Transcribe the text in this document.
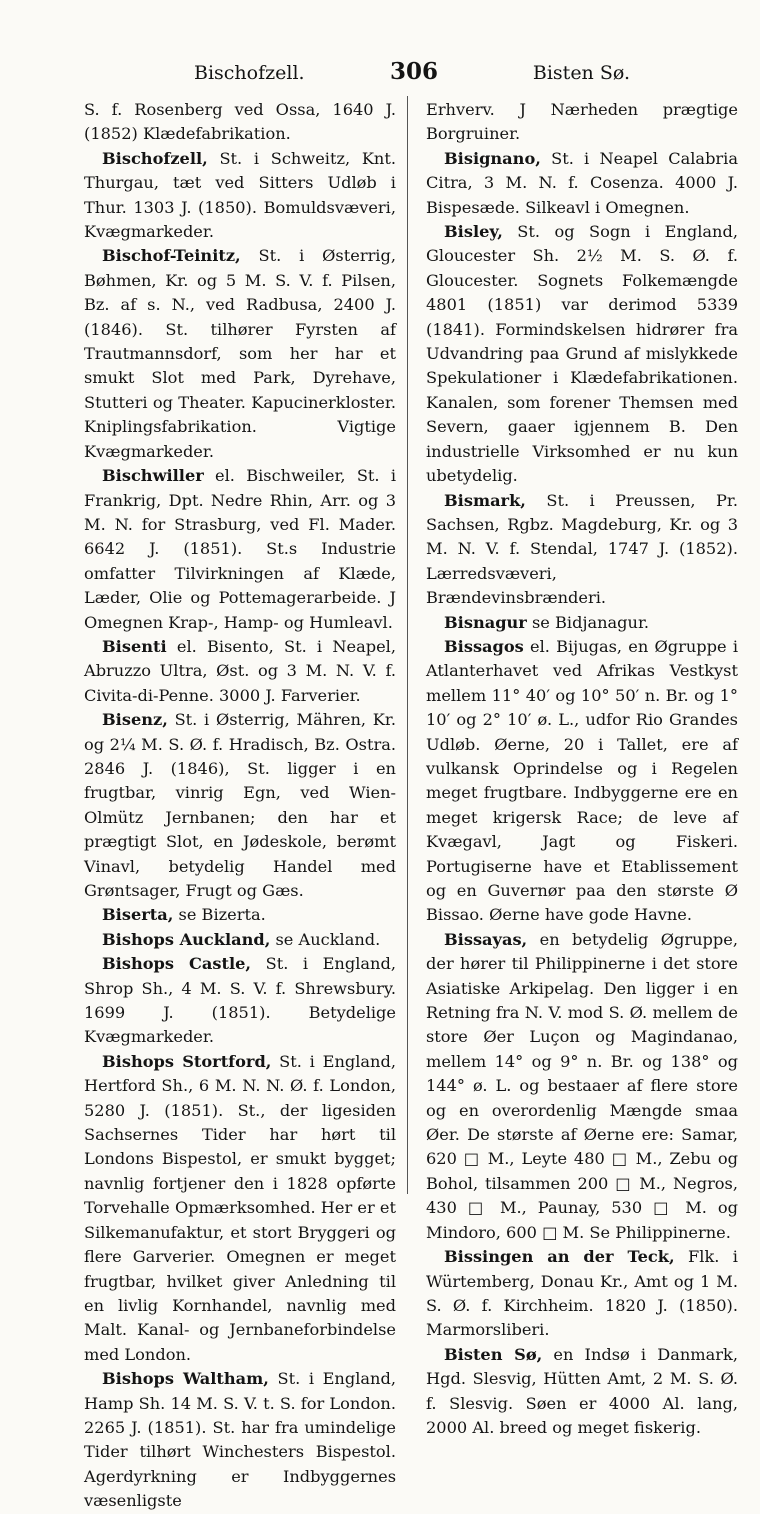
Bischofzell.	306	Bisten Sø.

S. f. Rosenberg ved Ossa, 1640 J. (1852) Klædefabrikation.

Bischofzell, St. i Schweitz, Knt. Thurgau, tæt ved Sitters Udløb i Thur. 1303 J. (1850). Bomuldsvæveri, Kvægmarkeder.

Bischof-Teinitz, St. i Østerrig, Bøhmen, Kr. og 5 M. S. V. f. Pilsen, Bz. af s. N., ved Radbusa, 2400 J. (1846). St. tilhører Fyrsten af Trautmannsdorf, som her har et smukt Slot med Park, Dyrehave, Stutteri og Theater. Kapucinerkloster. Kniplingsfabrikation. Vigtige Kvægmarkeder.

Bischwiller el. Bischweiler, St. i Frankrig, Dpt. Nedre Rhin, Arr. og 3 M. N. for Strasburg, ved Fl. Mader. 6642 J. (1851). St.s Industrie omfatter Tilvirkningen af Klæde, Læder, Olie og Pottemagerarbeide. J Omegnen Krap-, Hamp- og Humleavl.

Bisenti el. Bisento, St. i Neapel, Abruzzo Ultra, Øst. og 3 M. N. V. f. Civita-di-Penne. 3000 J. Farverier.

Bisenz, St. i Østerrig, Mähren, Kr. og 2¼ M. S. Ø. f. Hradisch, Bz. Ostra. 2846 J. (1846), St. ligger i en frugtbar, vinrig Egn, ved Wien-Olmütz Jernbanen; den har et prægtigt Slot, en Jødeskole, berømt Vinavl, betydelig Handel med Grøntsager, Frugt og Gæs.

Biserta, se Bizerta.

Bishops Auckland, se Auckland.

Bishops Castle, St. i England, Shrop Sh., 4 M. S. V. f. Shrewsbury. 1699 J. (1851). Betydelige Kvægmarkeder.

Bishops Stortford, St. i England, Hertford Sh., 6 M. N. N. Ø. f. London, 5280 J. (1851). St., der ligesiden Sachsernes Tider har hørt til Londons Bispestol, er smukt bygget; navnlig fortjener den i 1828 opførte Torvehalle Opmærksomhed. Her er et Silkemanufaktur, et stort Bryggeri og flere Garverier. Omegnen er meget frugtbar, hvilket giver Anledning til en livlig Kornhandel, navnlig med Malt. Kanal- og Jernbaneforbindelse med London.

Bishops Waltham, St. i England, Hamp Sh. 14 M. S. V. t. S. for London. 2265 J. (1851). St. har fra umindelige Tider tilhørt Winchesters Bispestol. Agerdyrkning er Indbyggernes væsenligste

Erhverv. J Nærheden prægtige Borgruiner.

Bisignano, St. i Neapel Calabria Citra, 3 M. N. f. Cosenza. 4000 J. Bispesæde. Silkeavl i Omegnen.

Bisley, St. og Sogn i England, Gloucester Sh. 2½ M. S. Ø. f. Gloucester. Sognets Folkemængde 4801 (1851) var derimod 5339 (1841). Formindskelsen hidrører fra Udvandring paa Grund af mislykkede Spekulationer i Klædefabrikationen. Kanalen, som forener Themsen med Severn, gaaer igjennem B. Den industrielle Virksomhed er nu kun ubetydelig.

Bismark, St. i Preussen, Pr. Sachsen, Rgbz. Magdeburg, Kr. og 3 M. N. V. f. Stendal, 1747 J. (1852). Lærredsvæveri, Brændevinsbrænderi.

Bisnagur se Bidjanagur.

Bissagos el. Bijugas, en Øgruppe i Atlanterhavet ved Afrikas Vestkyst mellem 11° 40′ og 10° 50′ n. Br. og 1° 10′ og 2° 10′ ø. L., udfor Rio Grandes Udløb. Øerne, 20 i Tallet, ere af vulkansk Oprindelse og i Regelen meget frugtbare. Indbyggerne ere en meget krigersk Race; de leve af Kvægavl, Jagt og Fiskeri. Portugiserne have et Etablissement og en Guvernør paa den største Ø Bissao. Øerne have gode Havne.

Bissayas, en betydelig Øgruppe, der hører til Philippinerne i det store Asiatiske Arkipelag. Den ligger i en Retning fra N. V. mod S. Ø. mellem de store Øer Luçon og Magindanao, mellem 14° og 9° n. Br. og 138° og 144° ø. L. og bestaaer af flere store og en overordenlig Mængde smaa Øer. De største af Øerne ere: Samar, 620 □ M., Leyte 480 □ M., Zebu og Bohol, tilsammen 200 □ M., Negros, 430 □ M., Paunay, 530 □ M. og Mindoro, 600 □ M. Se Philippinerne.

Bissingen an der Teck, Flk. i Würtemberg, Donau Kr., Amt og 1 M. S. Ø. f. Kirchheim. 1820 J. (1850). Marmorsliberi.

Bisten Sø, en Indsø i Danmark, Hgd. Slesvig, Hütten Amt, 2 M. S. Ø. f. Slesvig. Søen er 4000 Al. lang, 2000 Al. breed og meget fiskerig.
